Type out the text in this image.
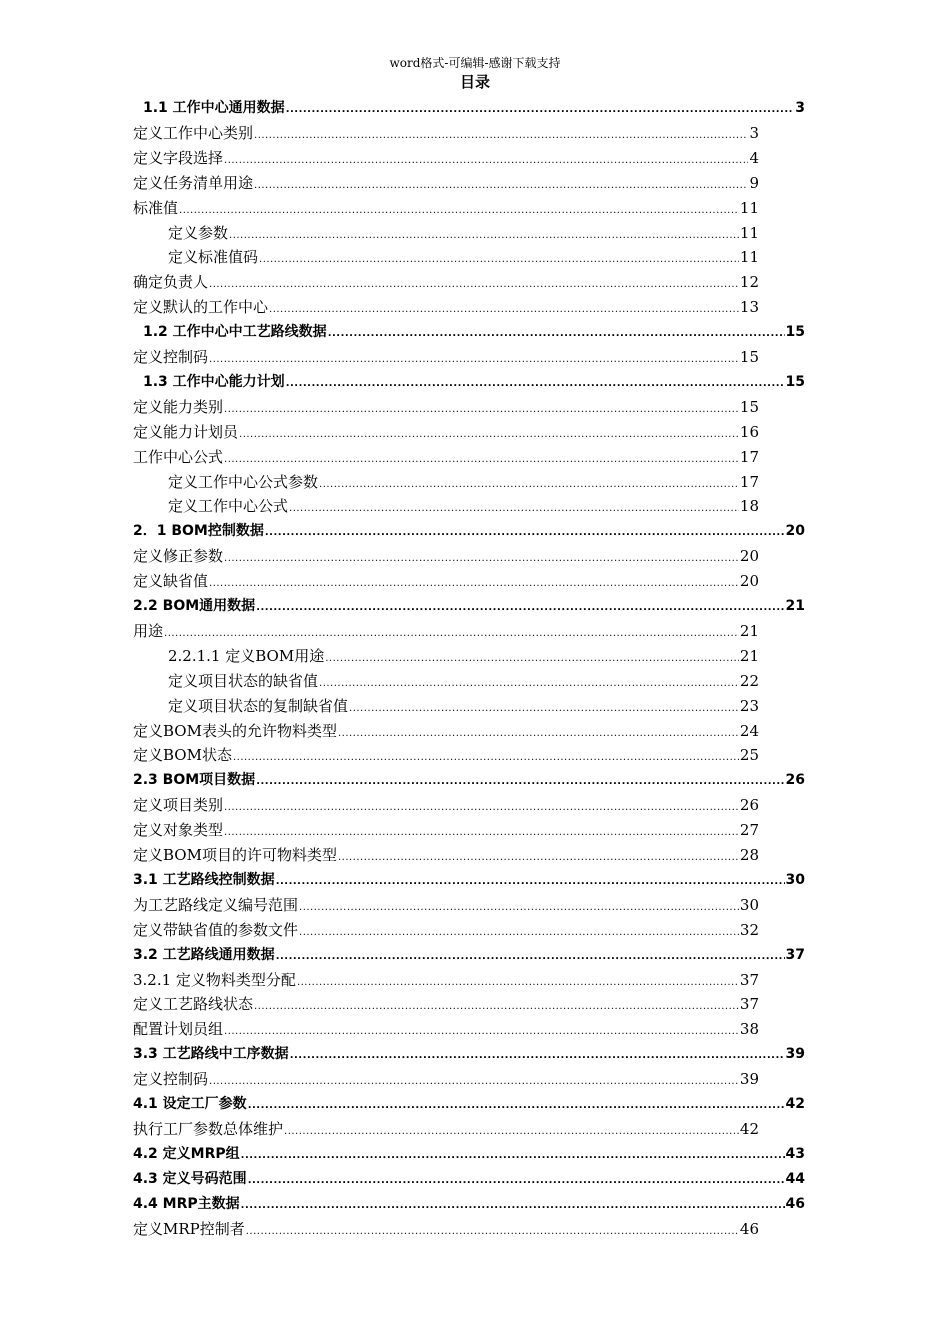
word格式-可编辑-感谢下载支持
目录
1.1 工作中心通用数据 .....	3
定义工作中心类别 .....	3
定义字段选择 .....	4
定义任务清单用途 .....	9
标准值 .....	11
定义参数 .....	11
定义标准值码 .....	11
确定负责人 .....	12
定义默认的工作中心 .....	13
1.2 工作中心中工艺路线数据 .....	15
定义控制码 .....	15
1.3 工作中心能力计划 .....	15
定义能力类别 .....	15
定义能力计划员 .....	16
工作中心公式 .....	17
定义工作中心公式参数 .....	17
定义工作中心公式 .....	18
2．1 BOM控制数据 .....	20
定义修正参数 .....	20
定义缺省值 .....	20
2.2 BOM通用数据 .....	21
用途 .....	21
2.2.1.1 定义BOM用途 .....	21
定义项目状态的缺省值 .....	22
定义项目状态的复制缺省值 .....	23
定义BOM表头的允许物料类型 .....	24
定义BOM状态 .....	25
2.3 BOM项目数据 .....	26
定义项目类别 .....	26
定义对象类型 .....	27
定义BOM项目的许可物料类型 .....	28
3.1 工艺路线控制数据 .....	30
为工艺路线定义编号范围 .....	30
定义带缺省值的参数文件 .....	32
3.2 工艺路线通用数据 .....	37
3.2.1 定义物料类型分配 .....	37
定义工艺路线状态 .....	37
配置计划员组 .....	38
3.3 工艺路线中工序数据 .....	39
定义控制码 .....	39
4.1 设定工厂参数 .....	42
执行工厂参数总体维护 .....	42
4.2 定义MRP组 .....	43
4.3 定义号码范围 .....	44
4.4 MRP主数据 .....	46
定义MRP控制者 .....	46
